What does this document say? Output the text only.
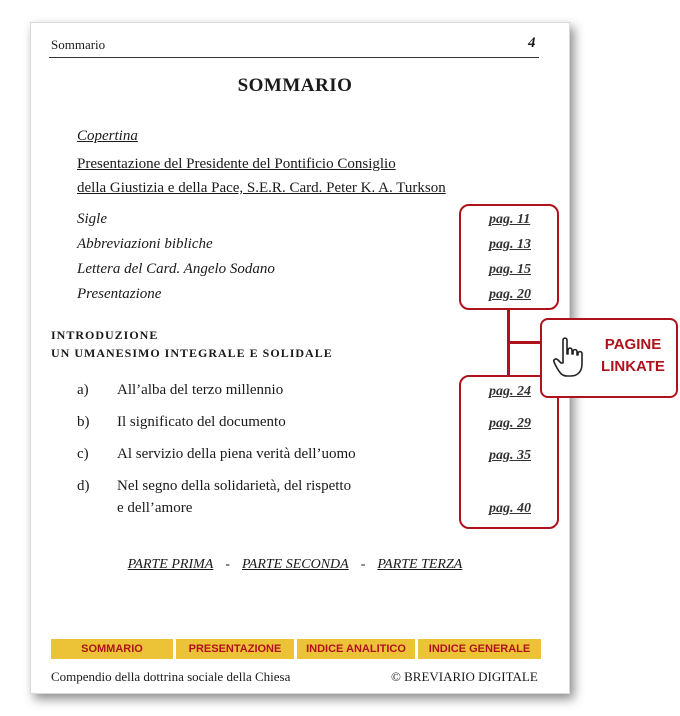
Sommario	4
SOMMARIO
Copertina
Presentazione del Presidente del Pontificio Consiglio
della Giustizia e della Pace, S.E.R. Card. Peter K. A. Turkson
Sigle	pag. 11
Abbreviazioni bibliche	pag. 13
Lettera del Card. Angelo Sodano	pag. 15
Presentazione	pag. 20
INTRODUZIONE
UN UMANESIMO INTEGRALE E SOLIDALE
a) All’alba del terzo millennio	pag. 24
b) Il significato del documento	pag. 29
c) Al servizio della piena verità dell’uomo	pag. 35
d) Nel segno della solidarietà, del rispetto
e dell’amore	pag. 40
PARTE PRIMA - PARTE SECONDA - PARTE TERZA
SOMMARIO	PRESENTAZIONE	INDICE ANALITICO	INDICE GENERALE
Compendio della dottrina sociale della Chiesa	© BREVIARIO DIGITALE
PAGINE
LINKATE
